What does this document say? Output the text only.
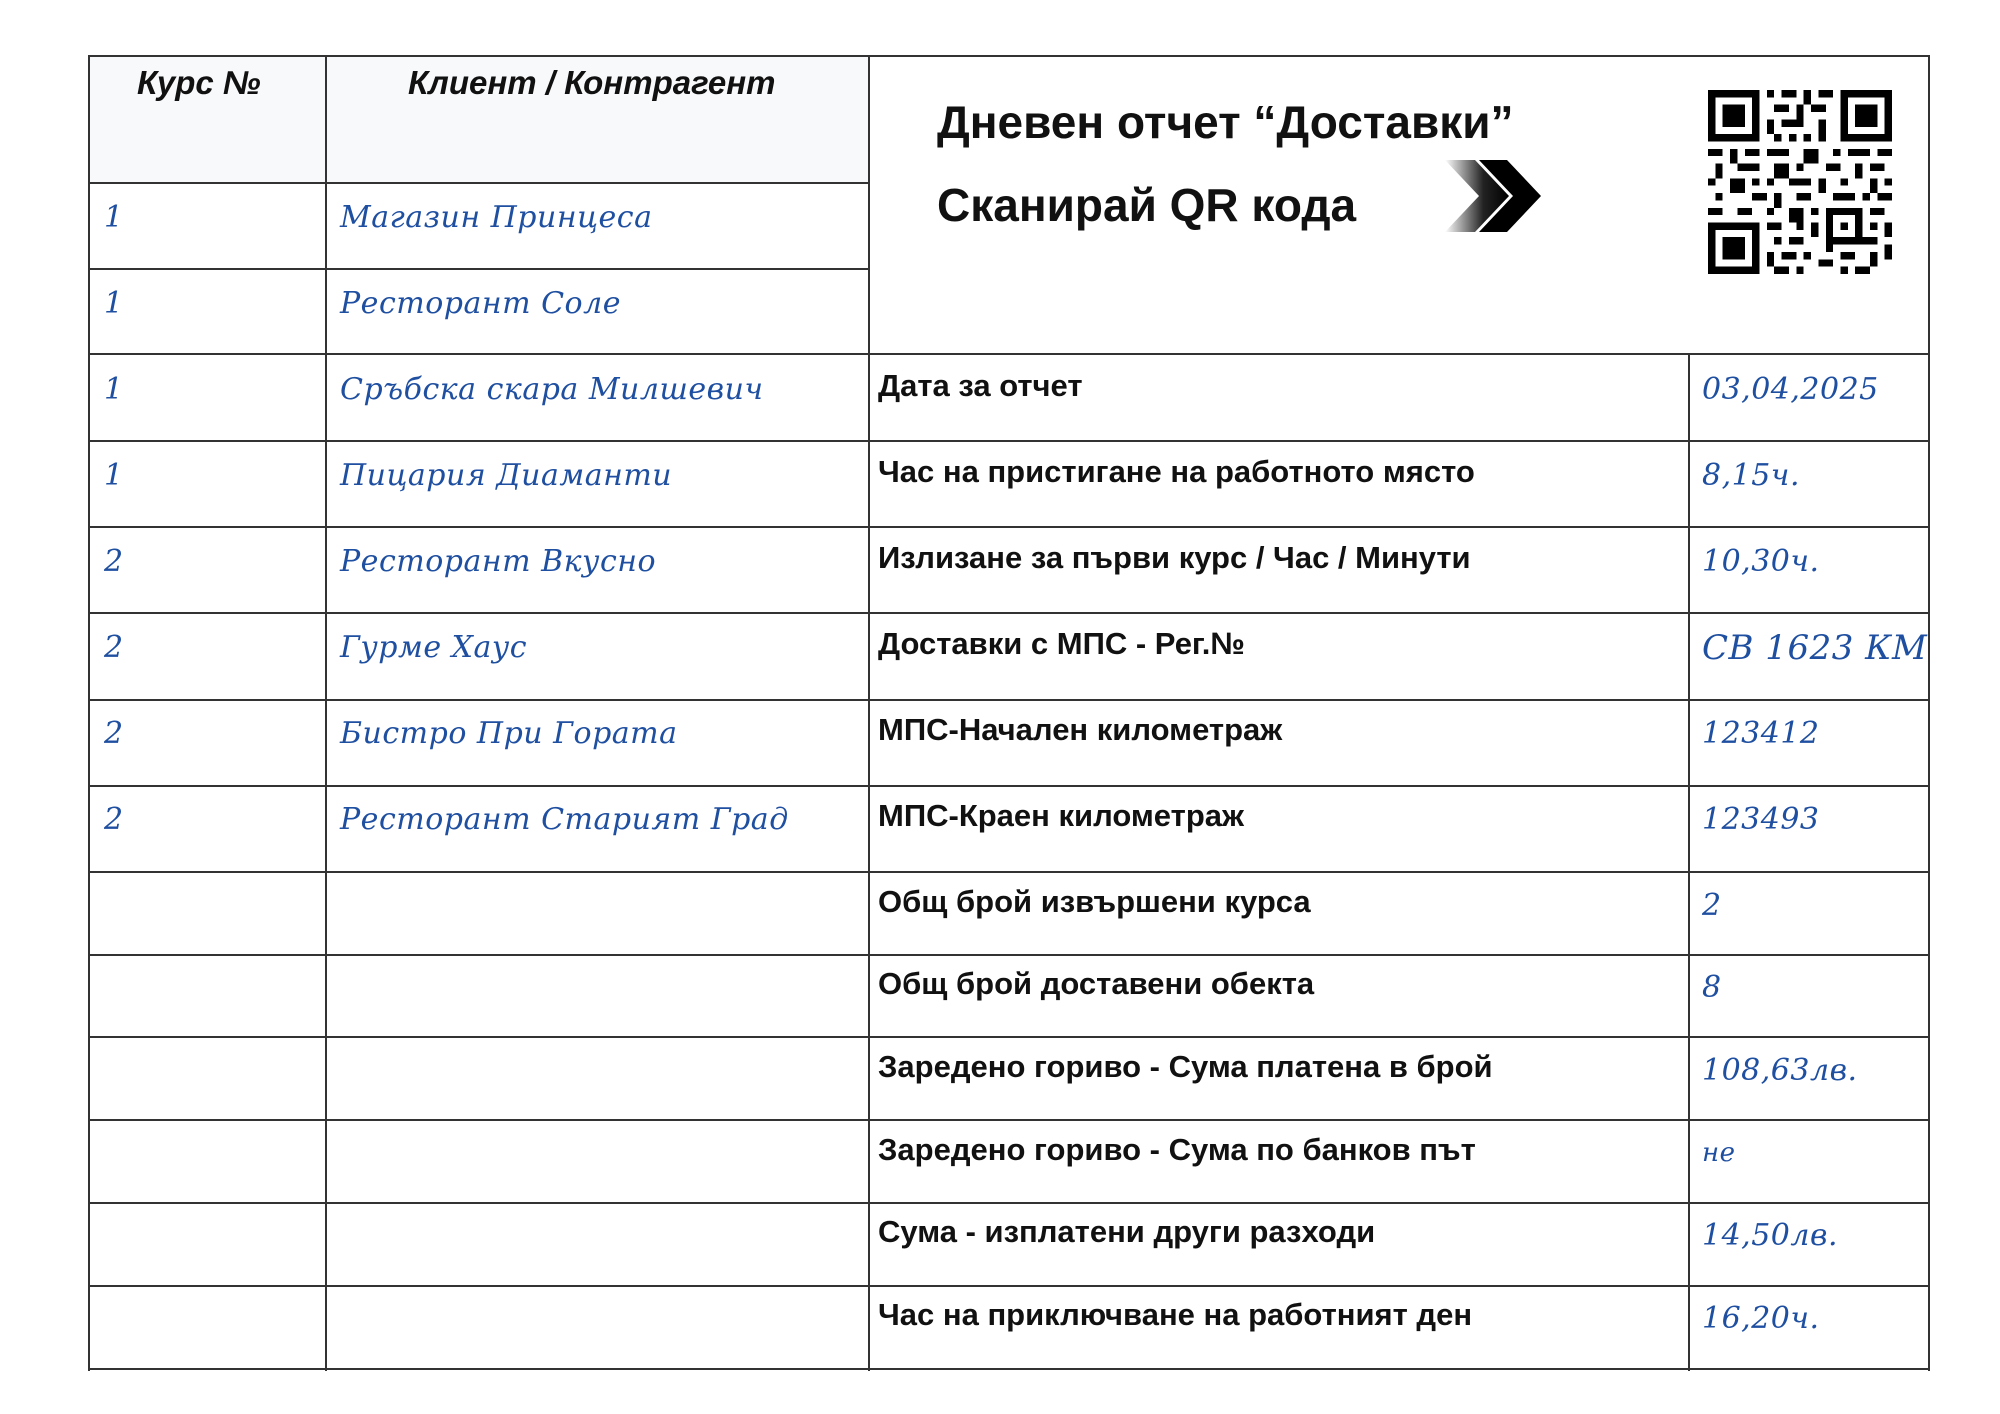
Курс №	Клиент / Контрагент
Дневен отчет “Доставки”
Сканирай QR кода
1	Магазин Принцеса
1	Ресторант Соле
1	Сръбска скара Милшевич
1	Пицария Диаманти
2	Ресторант Вкусно
2	Гурме Хаус
2	Бистро При Гората
2	Ресторант Старият Град
Дата за отчет	03,04,2025
Час на пристигане на работното място	8,15ч.
Излизане за първи курс / Час / Минути	10,30ч.
Доставки с МПС - Рег.№	СВ 1623 КМ
МПС-Начален километраж	123412
МПС-Краен километраж	123493
Общ брой извършени курса	2
Общ брой доставени обекта	8
Заредено гориво - Сума платена в брой	108,63лв.
Заредено гориво - Сума по банков път	не
Сума - изплатени други разходи	14,50лв.
Час на приключване на работният ден	16,20ч.
